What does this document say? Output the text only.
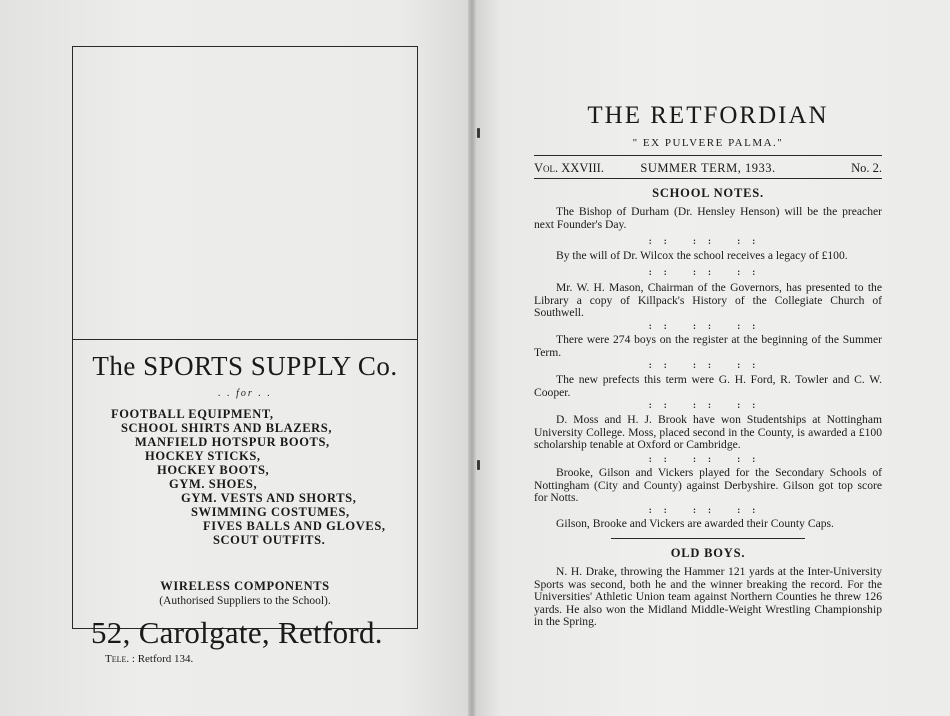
The SPORTS SUPPLY Co.
. . for . .
FOOTBALL EQUIPMENT,
SCHOOL SHIRTS AND BLAZERS,
MANFIELD HOTSPUR BOOTS,
HOCKEY STICKS,
HOCKEY BOOTS,
GYM. SHOES,
GYM. VESTS AND SHORTS,
SWIMMING COSTUMES,
FIVES BALLS AND GLOVES,
SCOUT OUTFITS.
WIRELESS COMPONENTS
(Authorised Suppliers to the School).
52, Carolgate, Retford.
Tele. : Retford 134.
THE RETFORDIAN
" EX PULVERE PALMA."
Vol. XXVIII.	SUMMER TERM, 1933.	No. 2.
SCHOOL NOTES.
The Bishop of Durham (Dr. Hensley Henson) will be the preacher next Founder's Day.
:: :: ::
By the will of Dr. Wilcox the school receives a legacy of £100.
:: :: ::
Mr. W. H. Mason, Chairman of the Governors, has presented to the Library a copy of Killpack's History of the Collegiate Church of Southwell.
:: :: ::
There were 274 boys on the register at the beginning of the Summer Term.
:: :: ::
The new prefects this term were G. H. Ford, R. Towler and C. W. Cooper.
:: :: ::
D. Moss and H. J. Brook have won Studentships at Nottingham University College. Moss, placed second in the County, is awarded a £100 scholarship tenable at Oxford or Cambridge.
:: :: ::
Brooke, Gilson and Vickers played for the Secondary Schools of Nottingham (City and County) against Derbyshire. Gilson got top score for Notts.
:: :: ::
Gilson, Brooke and Vickers are awarded their County Caps.
OLD BOYS.
N. H. Drake, throwing the Hammer 121 yards at the Inter-University Sports was second, both he and the winner breaking the record. For the Universities' Athletic Union team against Northern Counties he threw 126 yards. He also won the Midland Middle-Weight Wrestling Championship in the Spring.
